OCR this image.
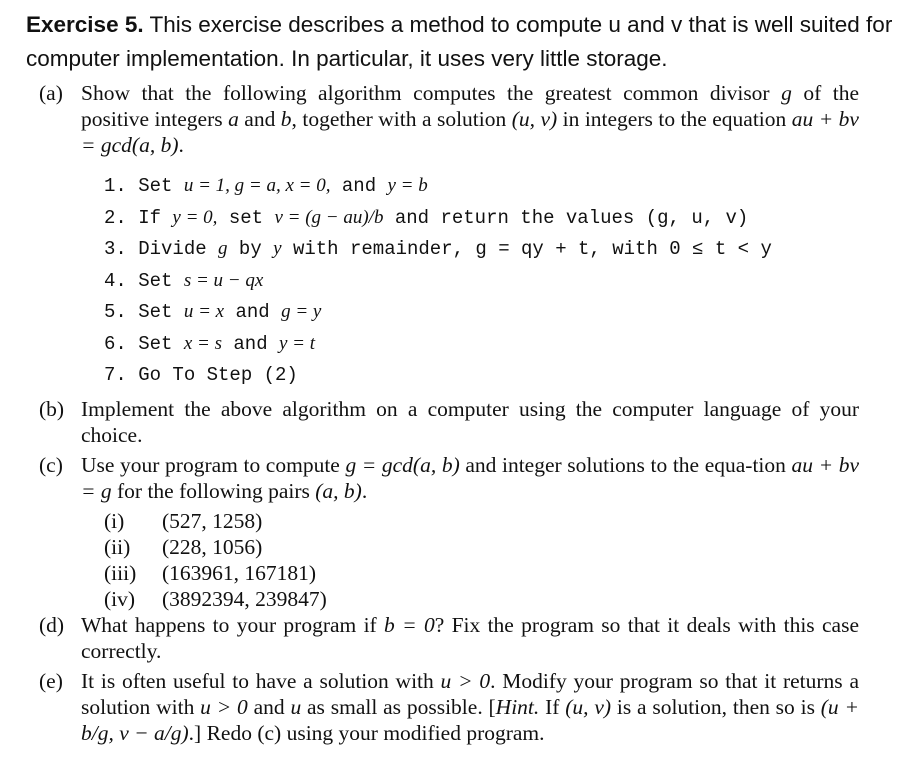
Exercise 5. This exercise describes a method to compute u and v that is well suited for computer implementation. In particular, it uses very little storage.
(a) Show that the following algorithm computes the greatest common divisor g of the positive integers a and b, together with a solution (u, v) in integers to the equation au + bv = gcd(a, b).
1. Set u = 1, g = a, x = 0, and y = b
2. If y = 0, set v = (g − au)/b and return the values (g, u, v)
3. Divide g by y with remainder, g = qy + t, with 0 ≤ t < y
4. Set s = u − qx
5. Set u = x and g = y
6. Set x = s and y = t
7. Go To Step (2)
(b) Implement the above algorithm on a computer using the computer language of your choice.
(c) Use your program to compute g = gcd(a, b) and integer solutions to the equa-tion au + bv = g for the following pairs (a, b).
(i) (527, 1258)
(ii) (228, 1056)
(iii) (163961, 167181)
(iv) (3892394, 239847)
(d) What happens to your program if b = 0? Fix the program so that it deals with this case correctly.
(e) It is often useful to have a solution with u > 0. Modify your program so that it returns a solution with u > 0 and u as small as possible. [Hint. If (u, v) is a solution, then so is (u + b/g, v − a/g).] Redo (c) using your modified program.
